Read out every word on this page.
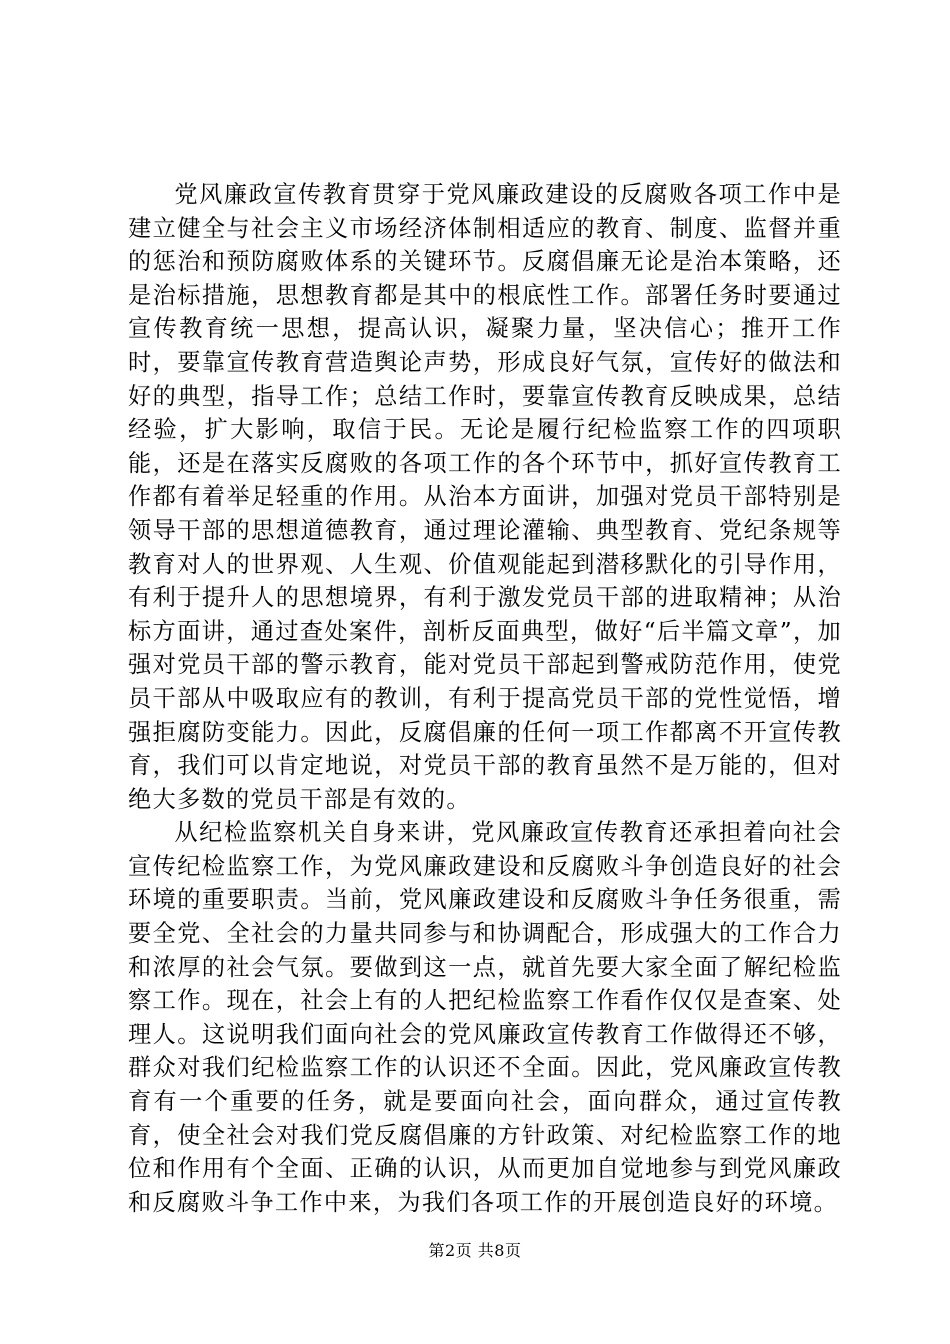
党风廉政宣传教育贯穿于党风廉政建设的反腐败各项工作中是建立健全与社会主义市场经济体制相适应的教育、制度、监督并重的惩治和预防腐败体系的关键环节。反腐倡廉无论是治本策略，还是治标措施，思想教育都是其中的根底性工作。部署任务时要通过宣传教育统一思想，提高认识，凝聚力量，坚决信心；推开工作时，要靠宣传教育营造舆论声势，形成良好气氛，宣传好的做法和好的典型，指导工作；总结工作时，要靠宣传教育反映成果，总结经验，扩大影响，取信于民。无论是履行纪检监察工作的四项职能，还是在落实反腐败的各项工作的各个环节中，抓好宣传教育工作都有着举足轻重的作用。从治本方面讲，加强对党员干部特别是领导干部的思想道德教育，通过理论灌输、典型教育、党纪条规等教育对人的世界观、人生观、价值观能起到潜移默化的引导作用，有利于提升人的思想境界，有利于激发党员干部的进取精神；从治标方面讲，通过查处案件，剖析反面典型，做好“后半篇文章”，加强对党员干部的警示教育，能对党员干部起到警戒防范作用，使党员干部从中吸取应有的教训，有利于提高党员干部的党性觉悟，增强拒腐防变能力。因此，反腐倡廉的任何一项工作都离不开宣传教育，我们可以肯定地说，对党员干部的教育虽然不是万能的，但对绝大多数的党员干部是有效的。

从纪检监察机关自身来讲，党风廉政宣传教育还承担着向社会宣传纪检监察工作，为党风廉政建设和反腐败斗争创造良好的社会环境的重要职责。当前，党风廉政建设和反腐败斗争任务很重，需要全党、全社会的力量共同参与和协调配合，形成强大的工作合力和浓厚的社会气氛。要做到这一点，就首先要大家全面了解纪检监察工作。现在，社会上有的人把纪检监察工作看作仅仅是查案、处理人。这说明我们面向社会的党风廉政宣传教育工作做得还不够，群众对我们纪检监察工作的认识还不全面。因此，党风廉政宣传教育有一个重要的任务，就是要面向社会，面向群众，通过宣传教育，使全社会对我们党反腐倡廉的方针政策、对纪检监察工作的地位和作用有个全面、正确的认识，从而更加自觉地参与到党风廉政和反腐败斗争工作中来，为我们各项工作的开展创造良好的环境。

第2页 共8页
